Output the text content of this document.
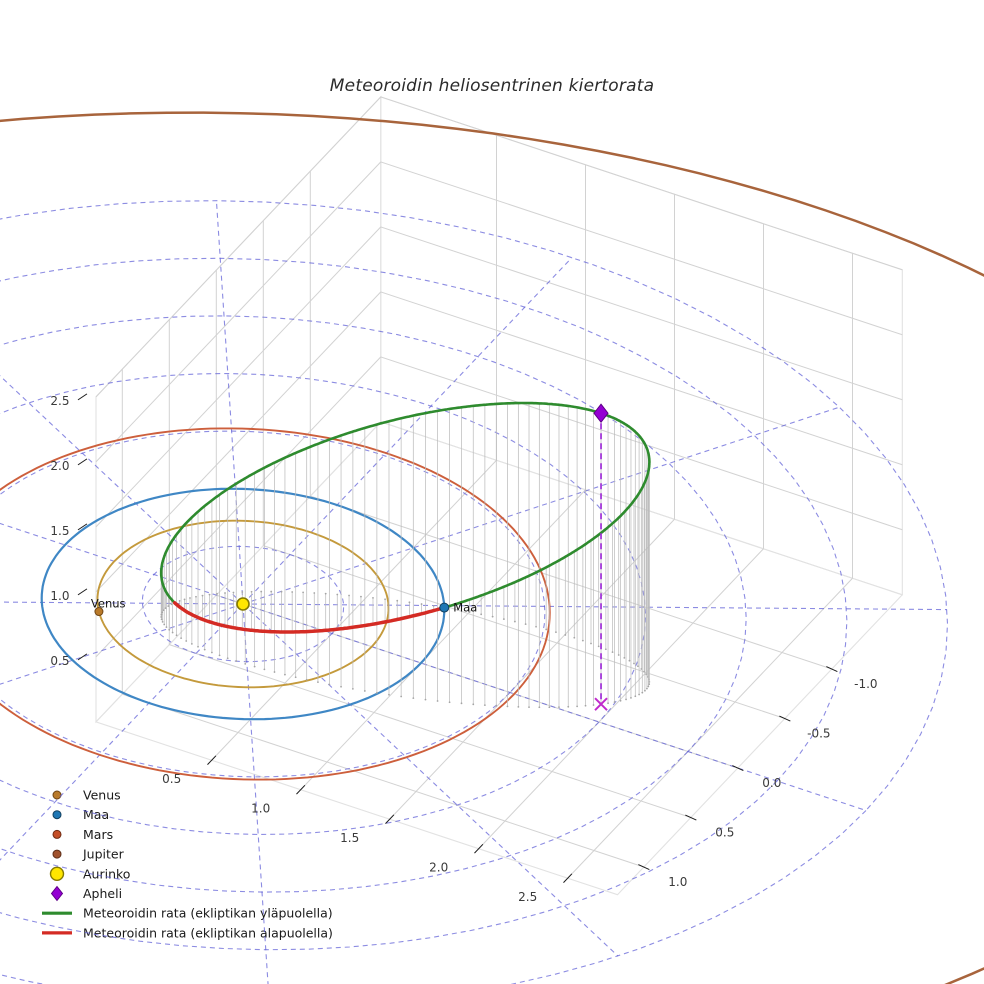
Venus
Maa
Mars
Jupiter
Aurinko
Apheli
Meteoroidin rata (ekliptikan yläpuolella)
Meteoroidin rata (ekliptikan alapuolella)
Venus	Maa
0.5
1.0
1.5
2.0
2.5
-1.0
-0.5
0.0
0.5
1.0
0.5
1.0
1.5
2.0
2.5
Meteoroidin heliosentrinen kiertorata
